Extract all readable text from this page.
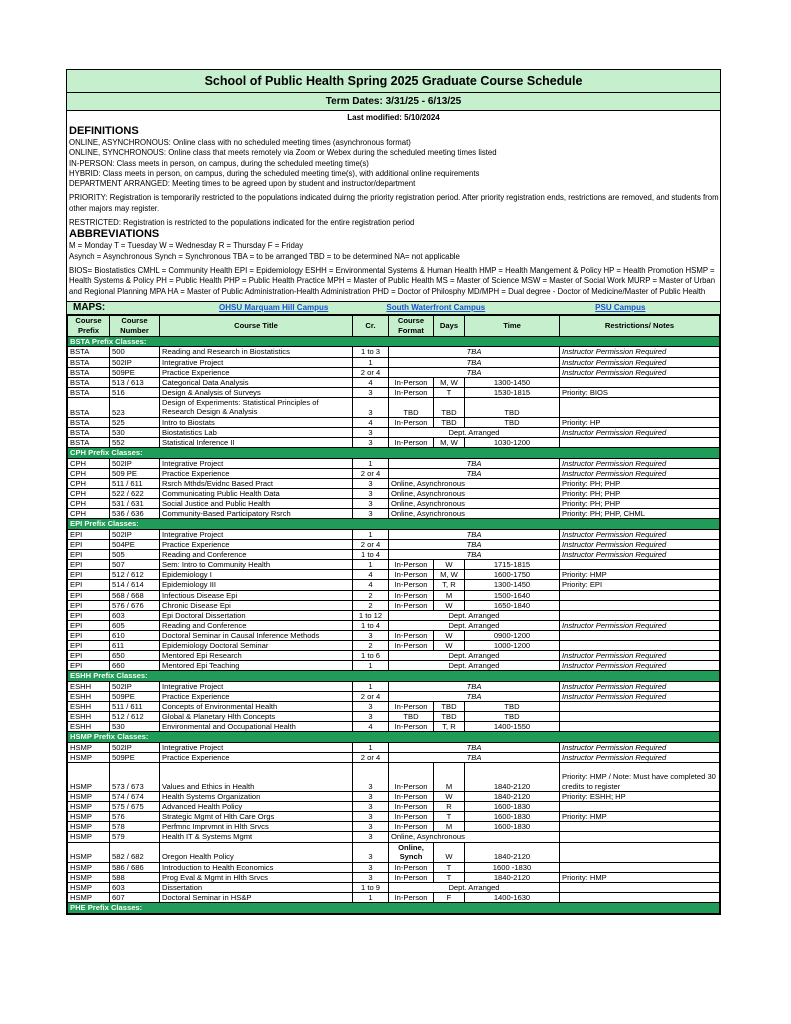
School of Public Health Spring 2025 Graduate Course Schedule
Term Dates: 3/31/25 - 6/13/25
Last modified: 5/10/2024
DEFINITIONS
ONLINE, ASYNCHRONOUS: Online class with no scheduled meeting times (asynchronous format)
ONLINE, SYNCHRONOUS: Online class that meets remotely via Zoom or Webex during the scheduled meeting times listed
IN-PERSON: Class meets in person, on campus, during the scheduled meeting time(s)
HYBRID: Class meets in person, on campus, during the scheduled meeting time(s), with additional online requirements
DEPARTMENT ARRANGED: Meeting times to be agreed upon by student and instructor/department
PRIORITY: Registration is temporarily restricted to the populations indicated duirng the priority registration period. After priority registration ends, restrictions are removed, and students from other majors may register.
RESTRICTED: Registration is restricted to the populations indicated for the entire registration period
ABBREVIATIONS
M = Monday T = Tuesday W = Wednesday R = Thursday F = Friday
Asynch = Asynchronous Synch = Synchronous TBA = to be arranged TBD = to be determined NA= not applicable
BIOS= Biostatistics CMHL = Community Health EPI = Epidemiology ESHH = Environmental Systems & Human Health HMP = Health Mangement & Policy HP = Health Promotion HSMP = Health Systems & Policy PH = Public Health PHP = Public Health Practice MPH = Master of Public Health MS = Master of Science MSW = Master of Social Work MURP = Master of Urban and Regional Planning MPA HA = Master of Public Administration-Health Administration PHD = Doctor of Philosphy MD/MPH = Dual degree - Doctor of Medicine/Master of Public Health
MAPS:	OHSU Marquam Hill Campus	South Waterfront Campus	PSU Campus
Course Prefix	Course Number	Course Title	Cr.	Course Format	Days	Time	Restrictions/ Notes
BSTA Prefix Classes:							
BSTA	500	Reading and Research in Biostatistics	1 to 3	TBA			Instructor Permission Required
BSTA	502IP	Integrative Project	1	TBA			Instructor Permission Required
BSTA	509PE	Practice Experience	2 or 4	TBA			Instructor Permission Required
BSTA	513 / 613	Categorical Data Analysis	4	In-Person	M, W	1300-1450	
BSTA	516	Design & Analysis of Surveys	3	In-Person	T	1530-1815	Priority: BIOS
BSTA	523	Design of Experiments: Statistical Principles of Research Design & Analysis	3	TBD	TBD	TBD	
BSTA	525	Intro to Biostats	4	In-Person	TBD	TBD	Priority: HP
BSTA	530	Biostatistics Lab	3	Dept. Arranged			Instructor Permission Required
BSTA	552	Statistical Inference II	3	In-Person	M, W	1030-1200	
CPH Prefix Classes:							
CPH	502IP	Integrative Project	1	TBA			Instructor Permission Required
CPH	509 PE	Practice Experience	2 or 4	TBA			Instructor Permission Required
CPH	511 / 611	Rsrch Mthds/Evidnc Based Pract	3	Online, Asynchronous			Priority: PH; PHP
CPH	522 / 622	Communicating Public Health Data	3	Online, Asynchronous			Priority: PH; PHP
CPH	531 / 631	Social Justice and Public Health	3	Online, Asynchronous			Priority: PH; PHP
CPH	536 / 636	Community-Based Participatory Rsrch	3	Online, Asynchronous			Priority: PH; PHP, CHML
EPI Prefix Classes:							
EPI	502IP	Integrative Project	1	TBA			Instructor Permission Required
EPI	504PE	Practice Experience	2 or 4	TBA			Instructor Permission Required
EPI	505	Reading and Conference	1 to 4	TBA			Instructor Permission Required
EPI	507	Sem: Intro to Community Health	1	In-Person	W	1715-1815	
EPI	512 / 612	Epidemiology I	4	In-Person	M, W	1600-1750	Priority: HMP
EPI	514 / 614	Epidemiology III	4	In-Person	T, R	1300-1450	Priority: EPI
EPI	568 / 668	Infectious Disease Epi	2	In-Person	M	1500-1640	
EPI	576 / 676	Chronic Disease Epi	2	In-Person	W	1650-1840	
EPI	603	Epi Doctoral Dissertation	1 to 12	Dept. Arranged			
EPI	605	Reading and Conference	1 to 4	Dept. Arranged			Instructor Permission Required
EPI	610	Doctoral Seminar in Causal Inference Methods	3	In-Person	W	0900-1200	
EPI	611	Epidemiology Doctoral Seminar	2	In-Person	W	1000-1200	
EPI	650	Mentored Epi Research	1 to 6	Dept. Arranged			Instructor Permission Required
EPI	660	Mentored Epi Teaching	1	Dept. Arranged			Instructor Permission Required
ESHH Prefix Classes:							
ESHH	502IP	Integrative Project	1	TBA			Instructor Permission Required
ESHH	509PE	Practice Experience	2 or 4	TBA			Instructor Permission Required
ESHH	511 / 611	Concepts of Environmental Health	3	In-Person	TBD	TBD	
ESHH	512 / 612	Global & Planetary Hlth Concepts	3	TBD	TBD	TBD	
ESHH	530	Environmental and Occupational Health	4	In-Person	T, R	1400-1550	
HSMP Prefix Classes:							
HSMP	502IP	Integrative Project	1	TBA			Instructor Permission Required
HSMP	509PE	Practice Experience	2 or 4	TBA			Instructor Permission Required
HSMP	573 / 673	Values and Ethics in Health	3	In-Person	M	1840-2120	Priority: HMP / Note: Must have completed 30 credits to register
HSMP	574 / 674	Health Systems Organization	3	In-Person	W	1840-2120	Priority: ESHH; HP
HSMP	575 / 675	Advanced Health Policy	3	In-Person	R	1600-1830	
HSMP	576	Strategic Mgmt of Hlth Care Orgs	3	In-Person	T	1600-1830	Priority: HMP
HSMP	578	Perfmnc Imprvmnt in Hlth Srvcs	3	In-Person	M	1600-1830	
HSMP	579	Health IT & Systems Mgmt	3	Online, Asynchronous			
HSMP	582 / 682	Oregon Health Policy	3	Online, Synch	W	1840-2120	
HSMP	586 / 686	Introduction to Health Economics	3	In-Person	T	1600 -1830	
HSMP	588	Prog Eval & Mgmt in Hlth Srvcs	3	In-Person	T	1840-2120	Priority: HMP
HSMP	603	Dissertation	1 to 9	Dept. Arranged			
HSMP	607	Doctoral Seminar in HS&P	1	In-Person	F	1400-1630	
PHE Prefix Classes:							
